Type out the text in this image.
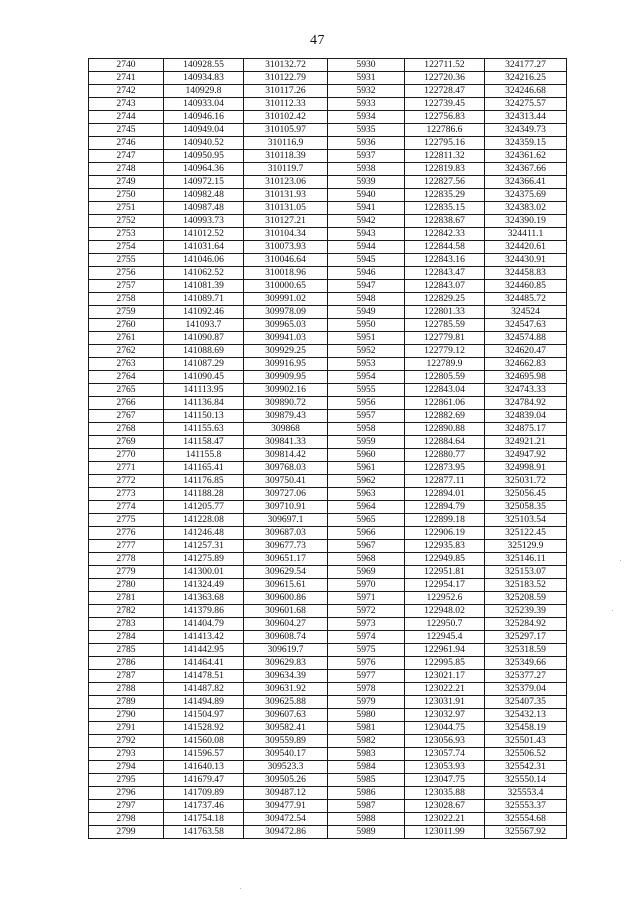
47
2740	140928.55	310132.72	5930	122711.52	324177.27
2741	140934.83	310122.79	5931	122720.36	324216.25
2742	140929.8	310117.26	5932	122728.47	324246.68
2743	140933.04	310112.33	5933	122739.45	324275.57
2744	140946.16	310102.42	5934	122756.83	324313.44
2745	140949.04	310105.97	5935	122786.6	324349.73
2746	140940.52	310116.9	5936	122795.16	324359.15
2747	140950.95	310118.39	5937	122811.32	324361.62
2748	140964.36	310119.7	5938	122819.83	324367.66
2749	140972.15	310123.06	5939	122827.56	324366.41
2750	140982.48	310131.93	5940	122835.29	324375.69
2751	140987.48	310131.05	5941	122835.15	324383.02
2752	140993.73	310127.21	5942	122838.67	324390.19
2753	141012.52	310104.34	5943	122842.33	324411.1
2754	141031.64	310073.93	5944	122844.58	324420.61
2755	141046.06	310046.64	5945	122843.16	324430.91
2756	141062.52	310018.96	5946	122843.47	324458.83
2757	141081.39	310000.65	5947	122843.07	324460.85
2758	141089.71	309991.02	5948	122829.25	324485.72
2759	141092.46	309978.09	5949	122801.33	324524
2760	141093.7	309965.03	5950	122785.59	324547.63
2761	141090.87	309941.03	5951	122779.81	324574.88
2762	141088.69	309929.25	5952	122779.12	324620.47
2763	141087.29	309916.95	5953	122789.9	324662.83
2764	141090.45	309909.95	5954	122805.59	324695.98
2765	141113.95	309902.16	5955	122843.04	324743.33
2766	141136.84	309890.72	5956	122861.06	324784.92
2767	141150.13	309879.43	5957	122882.69	324839.04
2768	141155.63	309868	5958	122890.88	324875.17
2769	141158.47	309841.33	5959	122884.64	324921.21
2770	141155.8	309814.42	5960	122880.77	324947.92
2771	141165.41	309768.03	5961	122873.95	324998.91
2772	141176.85	309750.41	5962	122877.11	325031.72
2773	141188.28	309727.06	5963	122894.01	325056.45
2774	141205.77	309710.91	5964	122894.79	325058.35
2775	141228.08	309697.1	5965	122899.18	325103.54
2776	141246.48	309687.03	5966	122906.19	325122.45
2777	141257.31	309677.73	5967	122935.83	325129.9
2778	141275.89	309651.17	5968	122949.85	325146.11
2779	141300.01	309629.54	5969	122951.81	325153.07
2780	141324.49	309615.61	5970	122954.17	325183.52
2781	141363.68	309600.86	5971	122952.6	325208.59
2782	141379.86	309601.68	5972	122948.02	325239.39
2783	141404.79	309604.27	5973	122950.7	325284.92
2784	141413.42	309608.74	5974	122945.4	325297.17
2785	141442.95	309619.7	5975	122961.94	325318.59
2786	141464.41	309629.83	5976	122995.85	325349.66
2787	141478.51	309634.39	5977	123021.17	325377.27
2788	141487.82	309631.92	5978	123022.21	325379.04
2789	141494.89	309625.88	5979	123031.91	325407.35
2790	141504.97	309607.63	5980	123032.97	325432.13
2791	141528.92	309582.41	5981	123044.75	325458.19
2792	141560.08	309559.89	5982	123056.93	325501.43
2793	141596.57	309540.17	5983	123057.74	325506.52
2794	141640.13	309523.3	5984	123053.93	325542.31
2795	141679.47	309505.26	5985	123047.75	325550.14
2796	141709.89	309487.12	5986	123035.88	325553.4
2797	141737.46	309477.91	5987	123028.67	325553.37
2798	141754.18	309472.54	5988	123022.21	325554.68
2799	141763.58	309472.86	5989	123011.99	325567.92
